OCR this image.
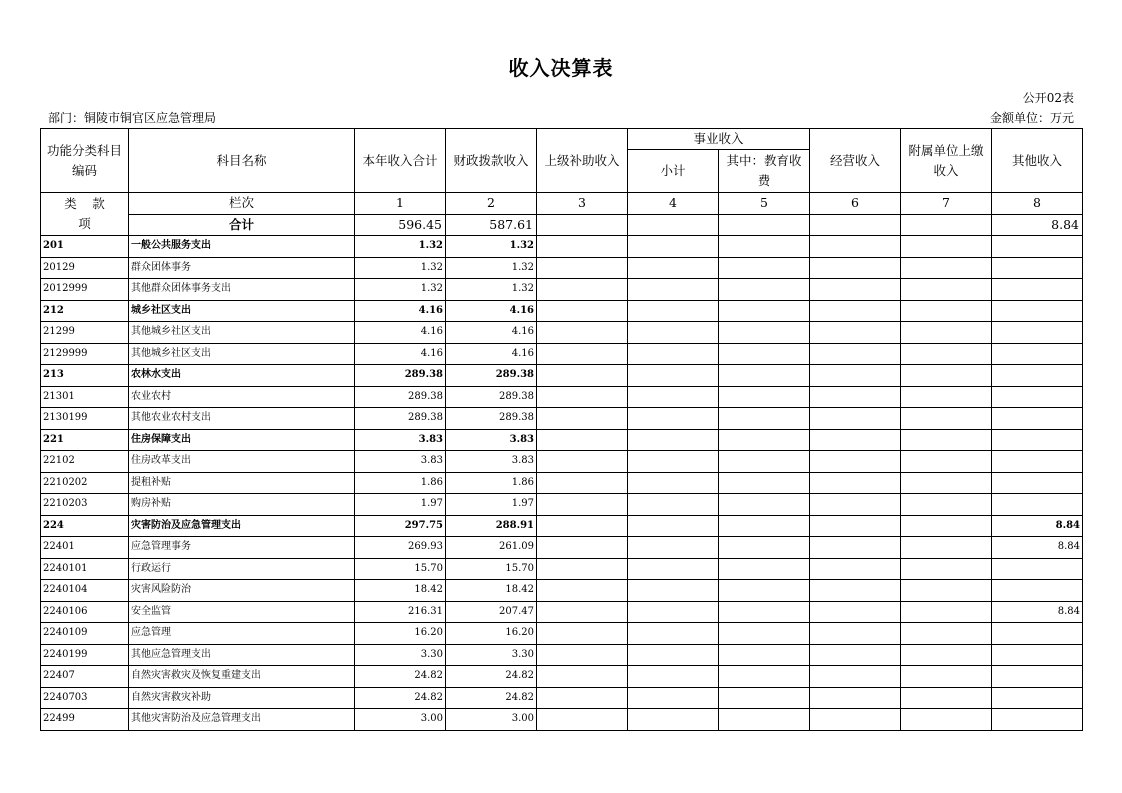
收入决算表
公开02表
部门：铜陵市铜官区应急管理局	金额单位：万元
功能分类科目编码	科目名称	本年收入合计	财政拨款收入	上级补助收入	事业收入		经营收入	附属单位上缴收入	其他收入
					小计	其中：教育收费			
类 款项	栏次	1	2	3	4	5	6	7	8
	合计	596.45	587.61						8.84
201	一般公共服务支出	1.32	1.32						
20129	群众团体事务	1.32	1.32						
2012999	其他群众团体事务支出	1.32	1.32						
212	城乡社区支出	4.16	4.16						
21299	其他城乡社区支出	4.16	4.16						
2129999	其他城乡社区支出	4.16	4.16						
213	农林水支出	289.38	289.38						
21301	农业农村	289.38	289.38						
2130199	其他农业农村支出	289.38	289.38						
221	住房保障支出	3.83	3.83						
22102	住房改革支出	3.83	3.83						
2210202	提租补贴	1.86	1.86						
2210203	购房补贴	1.97	1.97						
224	灾害防治及应急管理支出	297.75	288.91						8.84
22401	应急管理事务	269.93	261.09						8.84
2240101	行政运行	15.70	15.70						
2240104	灾害风险防治	18.42	18.42						
2240106	安全监管	216.31	207.47						8.84
2240109	应急管理	16.20	16.20						
2240199	其他应急管理支出	3.30	3.30						
22407	自然灾害救灾及恢复重建支出	24.82	24.82						
2240703	自然灾害救灾补助	24.82	24.82						
22499	其他灾害防治及应急管理支出	3.00	3.00						
